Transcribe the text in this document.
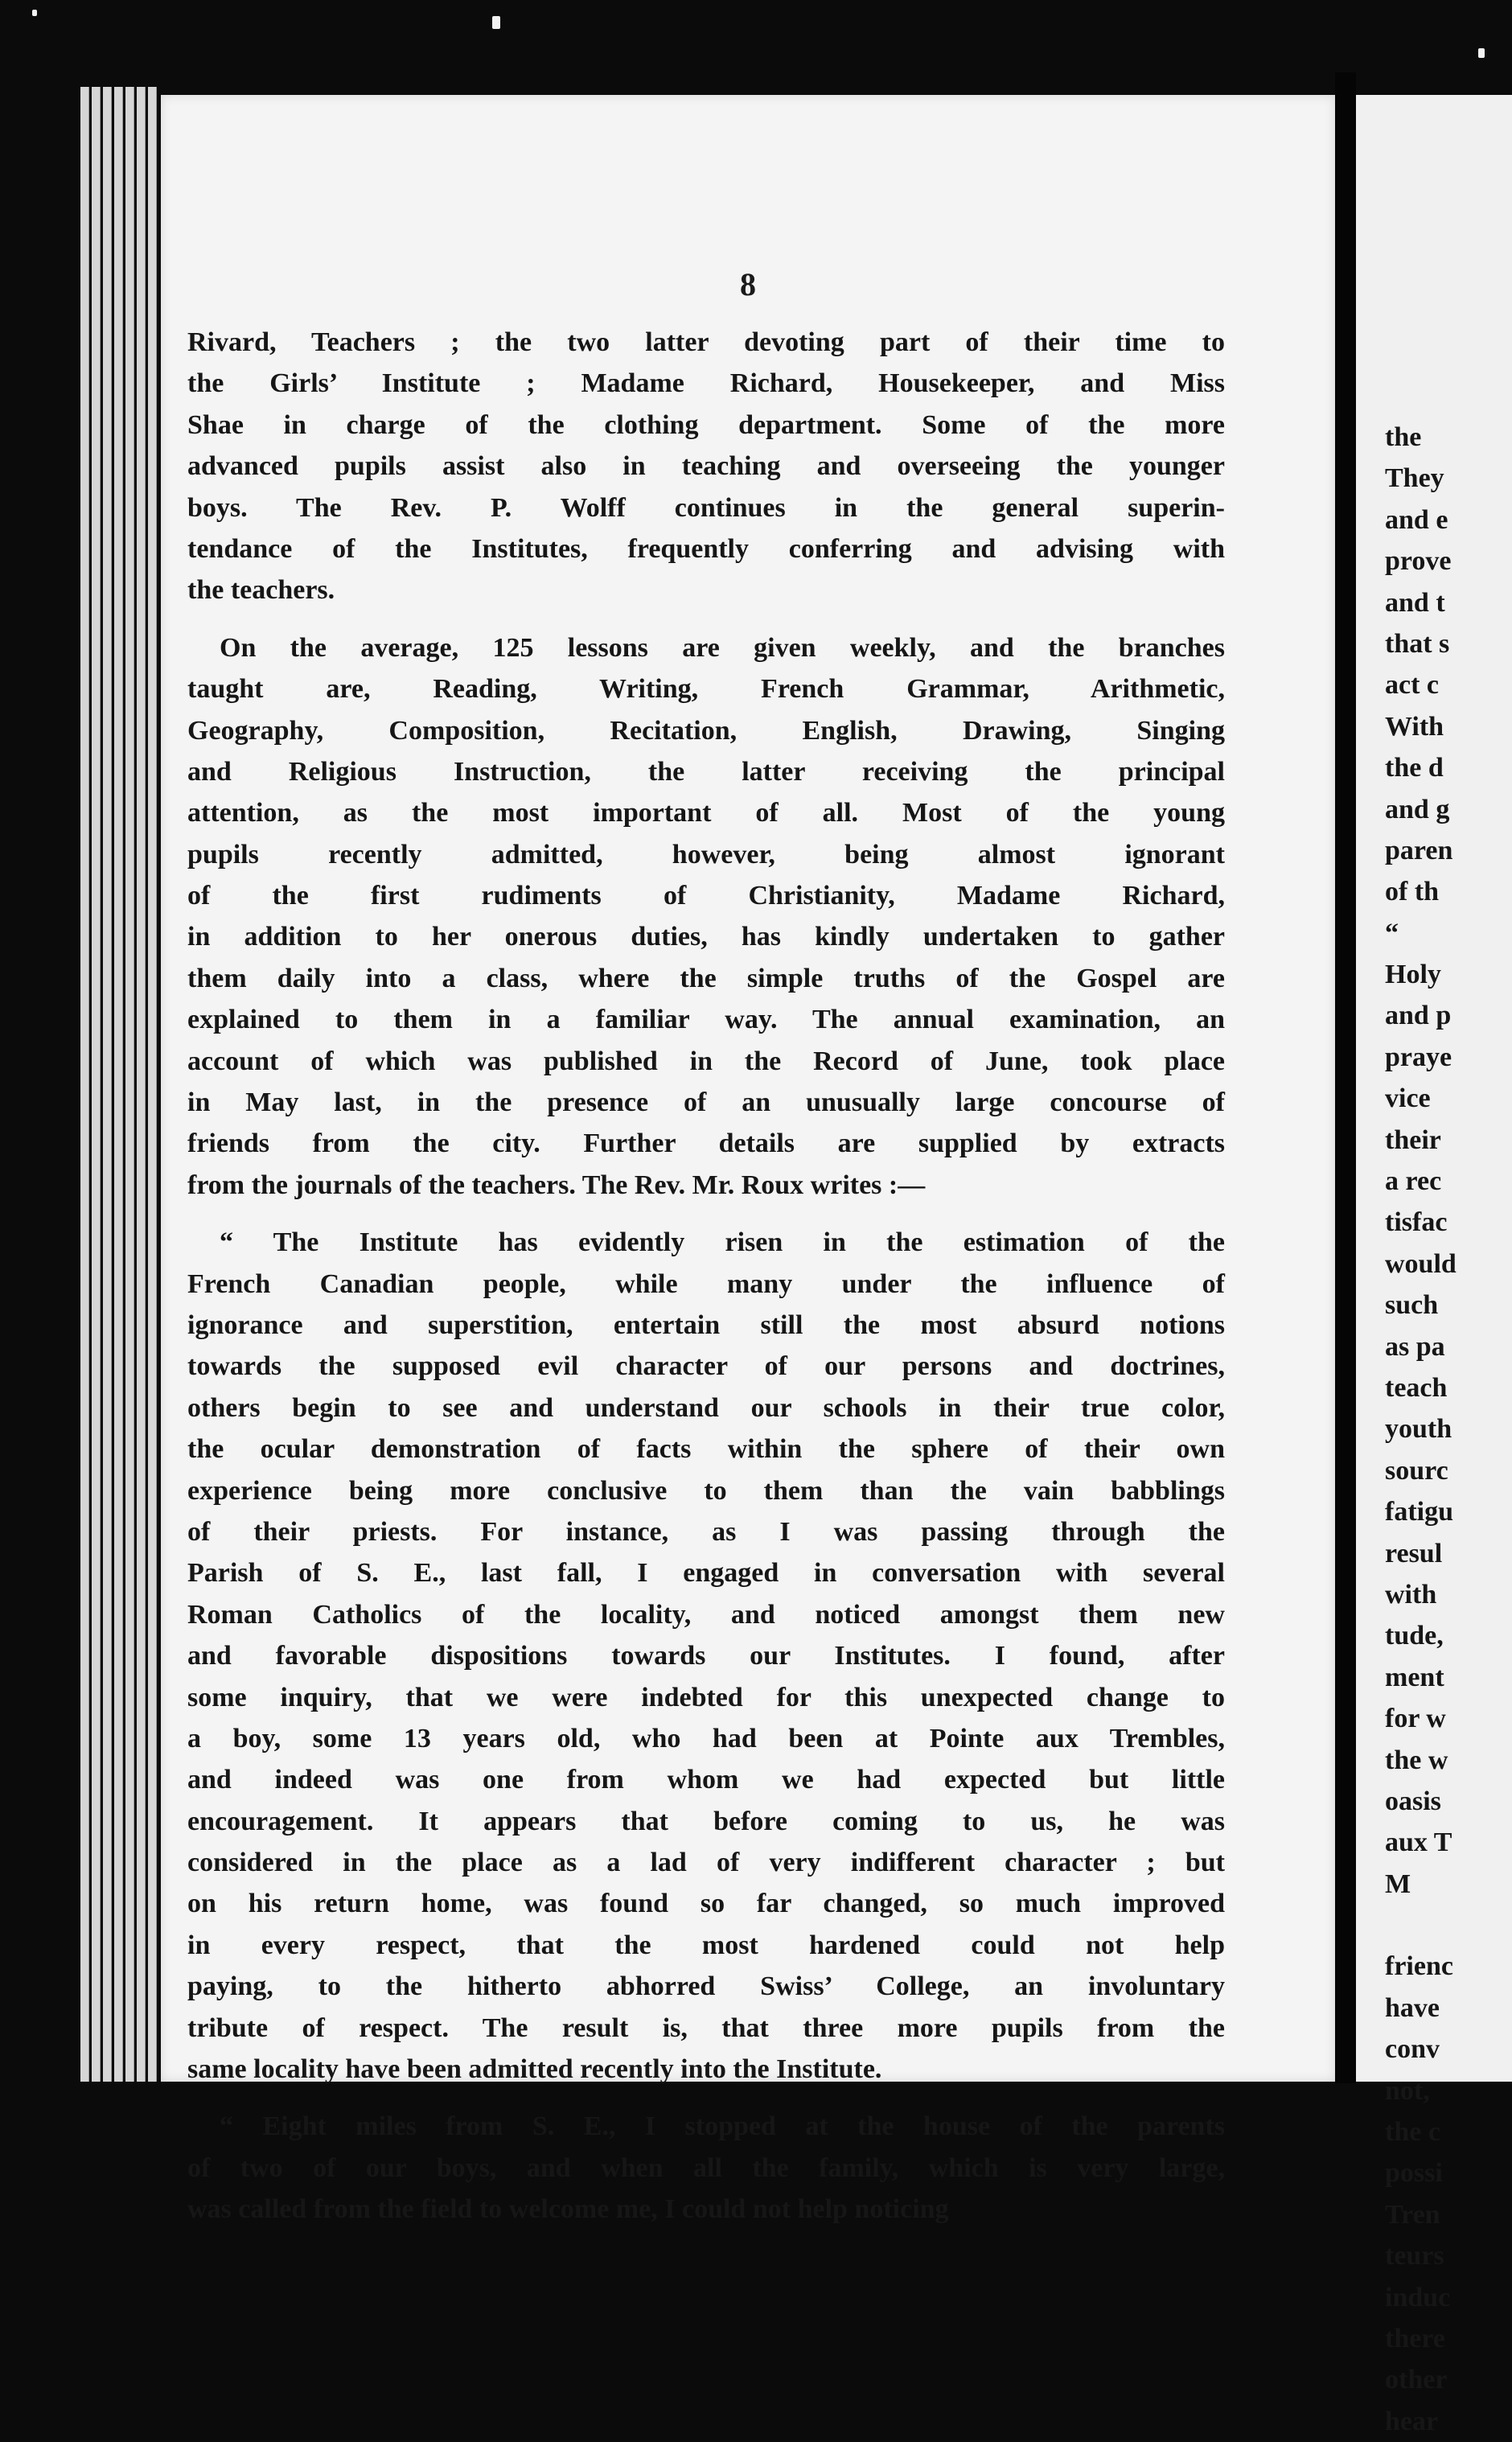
8
Rivard, Teachers ; the two latter devoting part of their time to
the Girls’ Institute ; Madame Richard, Housekeeper, and Miss
Shae in charge of the clothing department. Some of the more
advanced pupils assist also in teaching and overseeing the younger
boys. The Rev. P. Wolff continues in the general superin-
tendance of the Institutes, frequently conferring and advising with
the teachers.
On the average, 125 lessons are given weekly, and the branches
taught are, Reading, Writing, French Grammar, Arithmetic,
Geography, Composition, Recitation, English, Drawing, Singing
and Religious Instruction, the latter receiving the principal
attention, as the most important of all. Most of the young
pupils recently admitted, however, being almost ignorant
of the first rudiments of Christianity, Madame Richard,
in addition to her onerous duties, has kindly undertaken to gather
them daily into a class, where the simple truths of the Gospel are
explained to them in a familiar way. The annual examination, an
account of which was published in the Record of June, took place
in May last, in the presence of an unusually large concourse of
friends from the city. Further details are supplied by extracts
from the journals of the teachers. The Rev. Mr. Roux writes :—
“ The Institute has evidently risen in the estimation of the
French Canadian people, while many under the influence of
ignorance and superstition, entertain still the most absurd notions
towards the supposed evil character of our persons and doctrines,
others begin to see and understand our schools in their true color,
the ocular demonstration of facts within the sphere of their own
experience being more conclusive to them than the vain babblings
of their priests. For instance, as I was passing through the
Parish of S. E., last fall, I engaged in conversation with several
Roman Catholics of the locality, and noticed amongst them new
and favorable dispositions towards our Institutes. I found, after
some inquiry, that we were indebted for this unexpected change to
a boy, some 13 years old, who had been at Pointe aux Trembles,
and indeed was one from whom we had expected but little
encouragement. It appears that before coming to us, he was
considered in the place as a lad of very indifferent character ; but
on his return home, was found so far changed, so much improved
in every respect, that the most hardened could not help
paying, to the hitherto abhorred Swiss’ College, an involuntary
tribute of respect. The result is, that three more pupils from the
same locality have been admitted recently into the Institute.
“ Eight miles from S. E., I stopped at the house of the parents
of two of our boys, and when all the family, which is very large,
was called from the field to welcome me, I could not help noticing
the
They
and e
prove
and t
that s
act c
With
the d
and g
paren
of th
“
Holy
and p
praye
vice
their
a rec
tisfac
would
such
as pa
teach
youth
sourc
fatigu
resul
with
tude,
ment
for w
the w
oasis
aux T
M
frienc
have
conv
not,
the c
possi
Tren
teurs
induc
there
other
hear
